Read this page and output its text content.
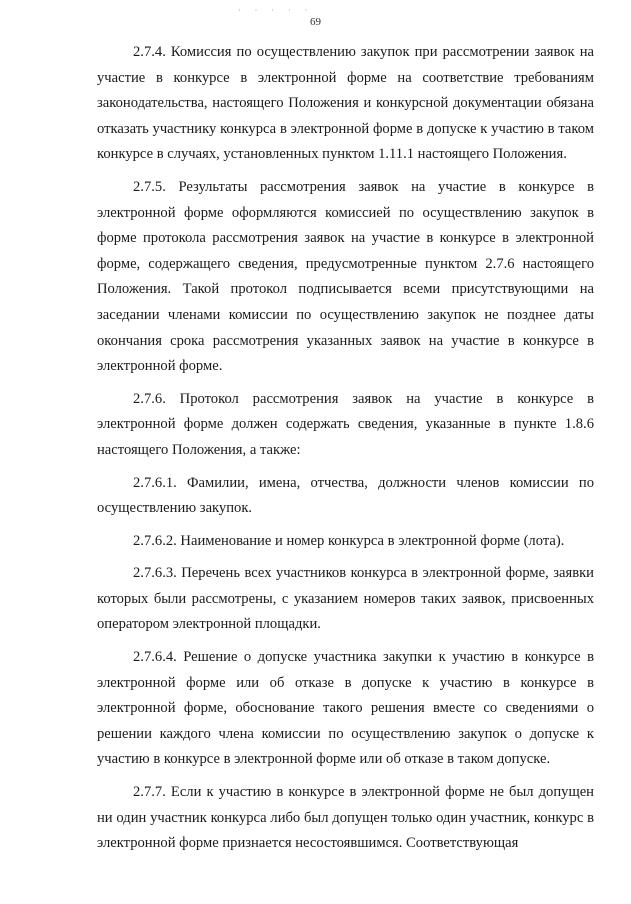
· · · · ·
69

2.7.4. Комиссия по осуществлению закупок при рассмотрении заявок на участие в конкурсе в электронной форме на соответствие требованиям законодательства, настоящего Положения и конкурсной документации обязана отказать участнику конкурса в электронной форме в допуске к участию в таком конкурсе в случаях, установленных пунктом 1.11.1 настоящего Положения.

2.7.5. Результаты рассмотрения заявок на участие в конкурсе в электронной форме оформляются комиссией по осуществлению закупок в форме протокола рассмотрения заявок на участие в конкурсе в электронной форме, содержащего сведения, предусмотренные пунктом 2.7.6 настоящего Положения. Такой протокол подписывается всеми присутствующими на заседании членами комиссии по осуществлению закупок не позднее даты окончания срока рассмотрения указанных заявок на участие в конкурсе в электронной форме.

2.7.6. Протокол рассмотрения заявок на участие в конкурсе в электронной форме должен содержать сведения, указанные в пункте 1.8.6 настоящего Положения, а также:

2.7.6.1. Фамилии, имена, отчества, должности членов комиссии по осуществлению закупок.

2.7.6.2. Наименование и номер конкурса в электронной форме (лота).

2.7.6.3. Перечень всех участников конкурса в электронной форме, заявки которых были рассмотрены, с указанием номеров таких заявок, присвоенных оператором электронной площадки.

2.7.6.4. Решение о допуске участника закупки к участию в конкурсе в электронной форме или об отказе в допуске к участию в конкурсе в электронной форме, обоснование такого решения вместе со сведениями о решении каждого члена комиссии по осуществлению закупок о допуске к участию в конкурсе в электронной форме или об отказе в таком допуске.

2.7.7. Если к участию в конкурсе в электронной форме не был допущен ни один участник конкурса либо был допущен только один участник, конкурс в электронной форме признается несостоявшимся. Соответствующая
